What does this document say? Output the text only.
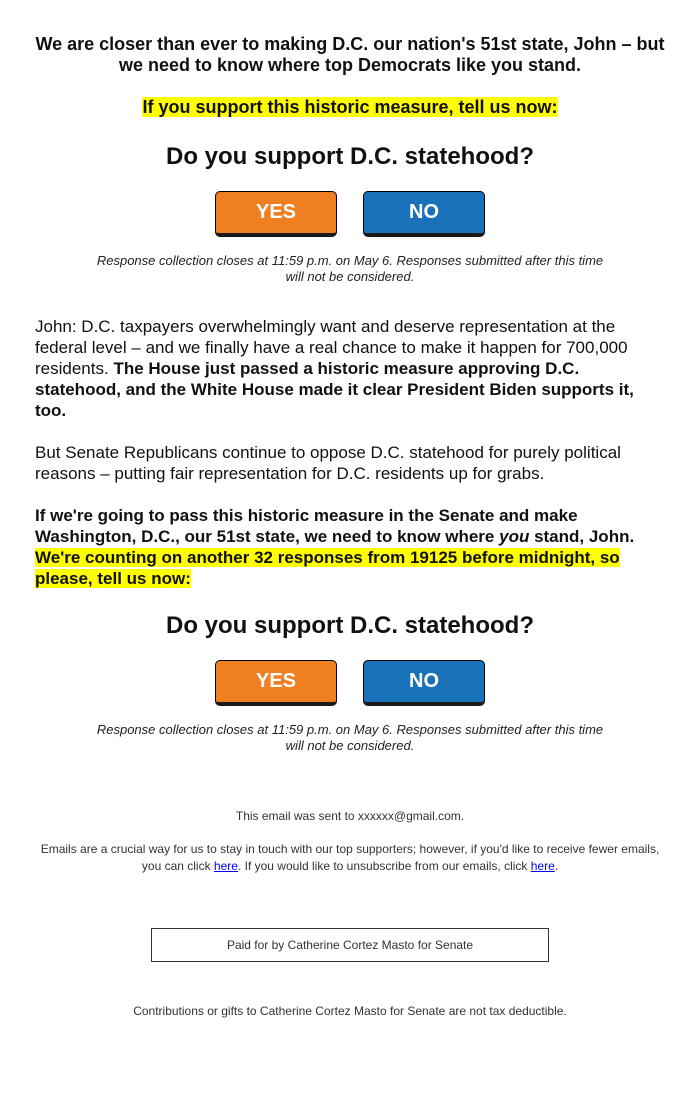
We are closer than ever to making D.C. our nation's 51st state, John – but we need to know where top Democrats like you stand.

If you support this historic measure, tell us now:

Do you support D.C. statehood?
YES	NO

Response collection closes at 11:59 p.m. on May 6. Responses submitted after this time will not be considered.

John: D.C. taxpayers overwhelmingly want and deserve representation at the federal level – and we finally have a real chance to make it happen for 700,000 residents. The House just passed a historic measure approving D.C. statehood, and the White House made it clear President Biden supports it, too.

But Senate Republicans continue to oppose D.C. statehood for purely political reasons – putting fair representation for D.C. residents up for grabs.

If we're going to pass this historic measure in the Senate and make Washington, D.C., our 51st state, we need to know where you stand, John. We're counting on another 32 responses from 19125 before midnight, so please, tell us now:

Do you support D.C. statehood?
YES	NO

Response collection closes at 11:59 p.m. on May 6. Responses submitted after this time will not be considered.

This email was sent to xxxxxx@gmail.com.
Emails are a crucial way for us to stay in touch with our top supporters; however, if you'd like to receive fewer emails, you can click here. If you would like to unsubscribe from our emails, click here.
Paid for by Catherine Cortez Masto for Senate
Contributions or gifts to Catherine Cortez Masto for Senate are not tax deductible.
